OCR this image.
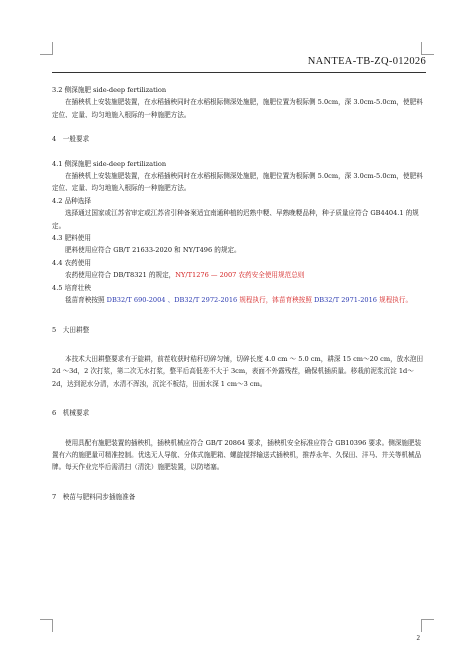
NANTEA-TB-ZQ-012026

3.2 侧深施肥 side-deep fertilization

在插秧机上安装施肥装置，在水稻插秧同时在水稻根际侧深处施肥，施肥位置为根际侧 5.0cm，深 3.0cm-5.0cm，使肥料定位、定量、均匀地施入根际的一种施肥方法。

4　一般要求

4.1 侧深施肥 side-deep fertilization

在插秧机上安装施肥装置，在水稻插秧同时在水稻根际侧深处施肥，施肥位置为根际侧 5.0cm，深 3.0cm-5.0cm，使肥料定位、定量、均匀地施入根际的一种施肥方法。

4.2 品种选择

选择通过国家或江苏省审定或江苏省引种备案适宜南通种植的迟熟中粳、早熟晚粳品种，种子质量应符合 GB4404.1 的规定。

4.3 肥料使用

肥料使用应符合 GB/T 21633-2020 和 NY/T496 的规定。

4.4 农药使用

农药使用应符合 DB/T8321 的规定，NY/T1276 — 2007 农药安全使用规范总则

4.5 培育壮秧

毯苗育秧按照 DB32/T 690-2004 、DB32/T 2972-2016 规程执行，钵苗育秧按照 DB32/T 2971-2016 规程执行。

5　大田耕整

本技术大田耕整要求有于旋耕，前茬收获时秸秆切碎匀铺，切碎长度 4.0 cm ～ 5.0 cm，耕深 15 cm～20 cm，放水泡田 2d ～3d，2 次打浆，第二次无水打浆，整平后高低差不大于 3cm，表面不外露残茬，确保机插质量。移栽前泥浆沉淀 1d～2d，达到泥水分清，水清不浑浊，沉淀不板结，田面水深 1 cm～3 cm。

6　机械要求

使用具配有施肥装置的插秧机，插秧机械应符合 GB/T 20864 要求，插秧机安全标准应符合 GB10396 要求。侧深施肥装置有六的施肥量可精准控制。优选无人导航、分体式施肥箱、螺旋搅拌输送式插秧机，推荐永年、久保田、洋马、井关等机械品牌。每天作业完毕后需清扫（清洗）施肥装置，以防堵塞。

7　秧苗与肥料同步插施准备

2
